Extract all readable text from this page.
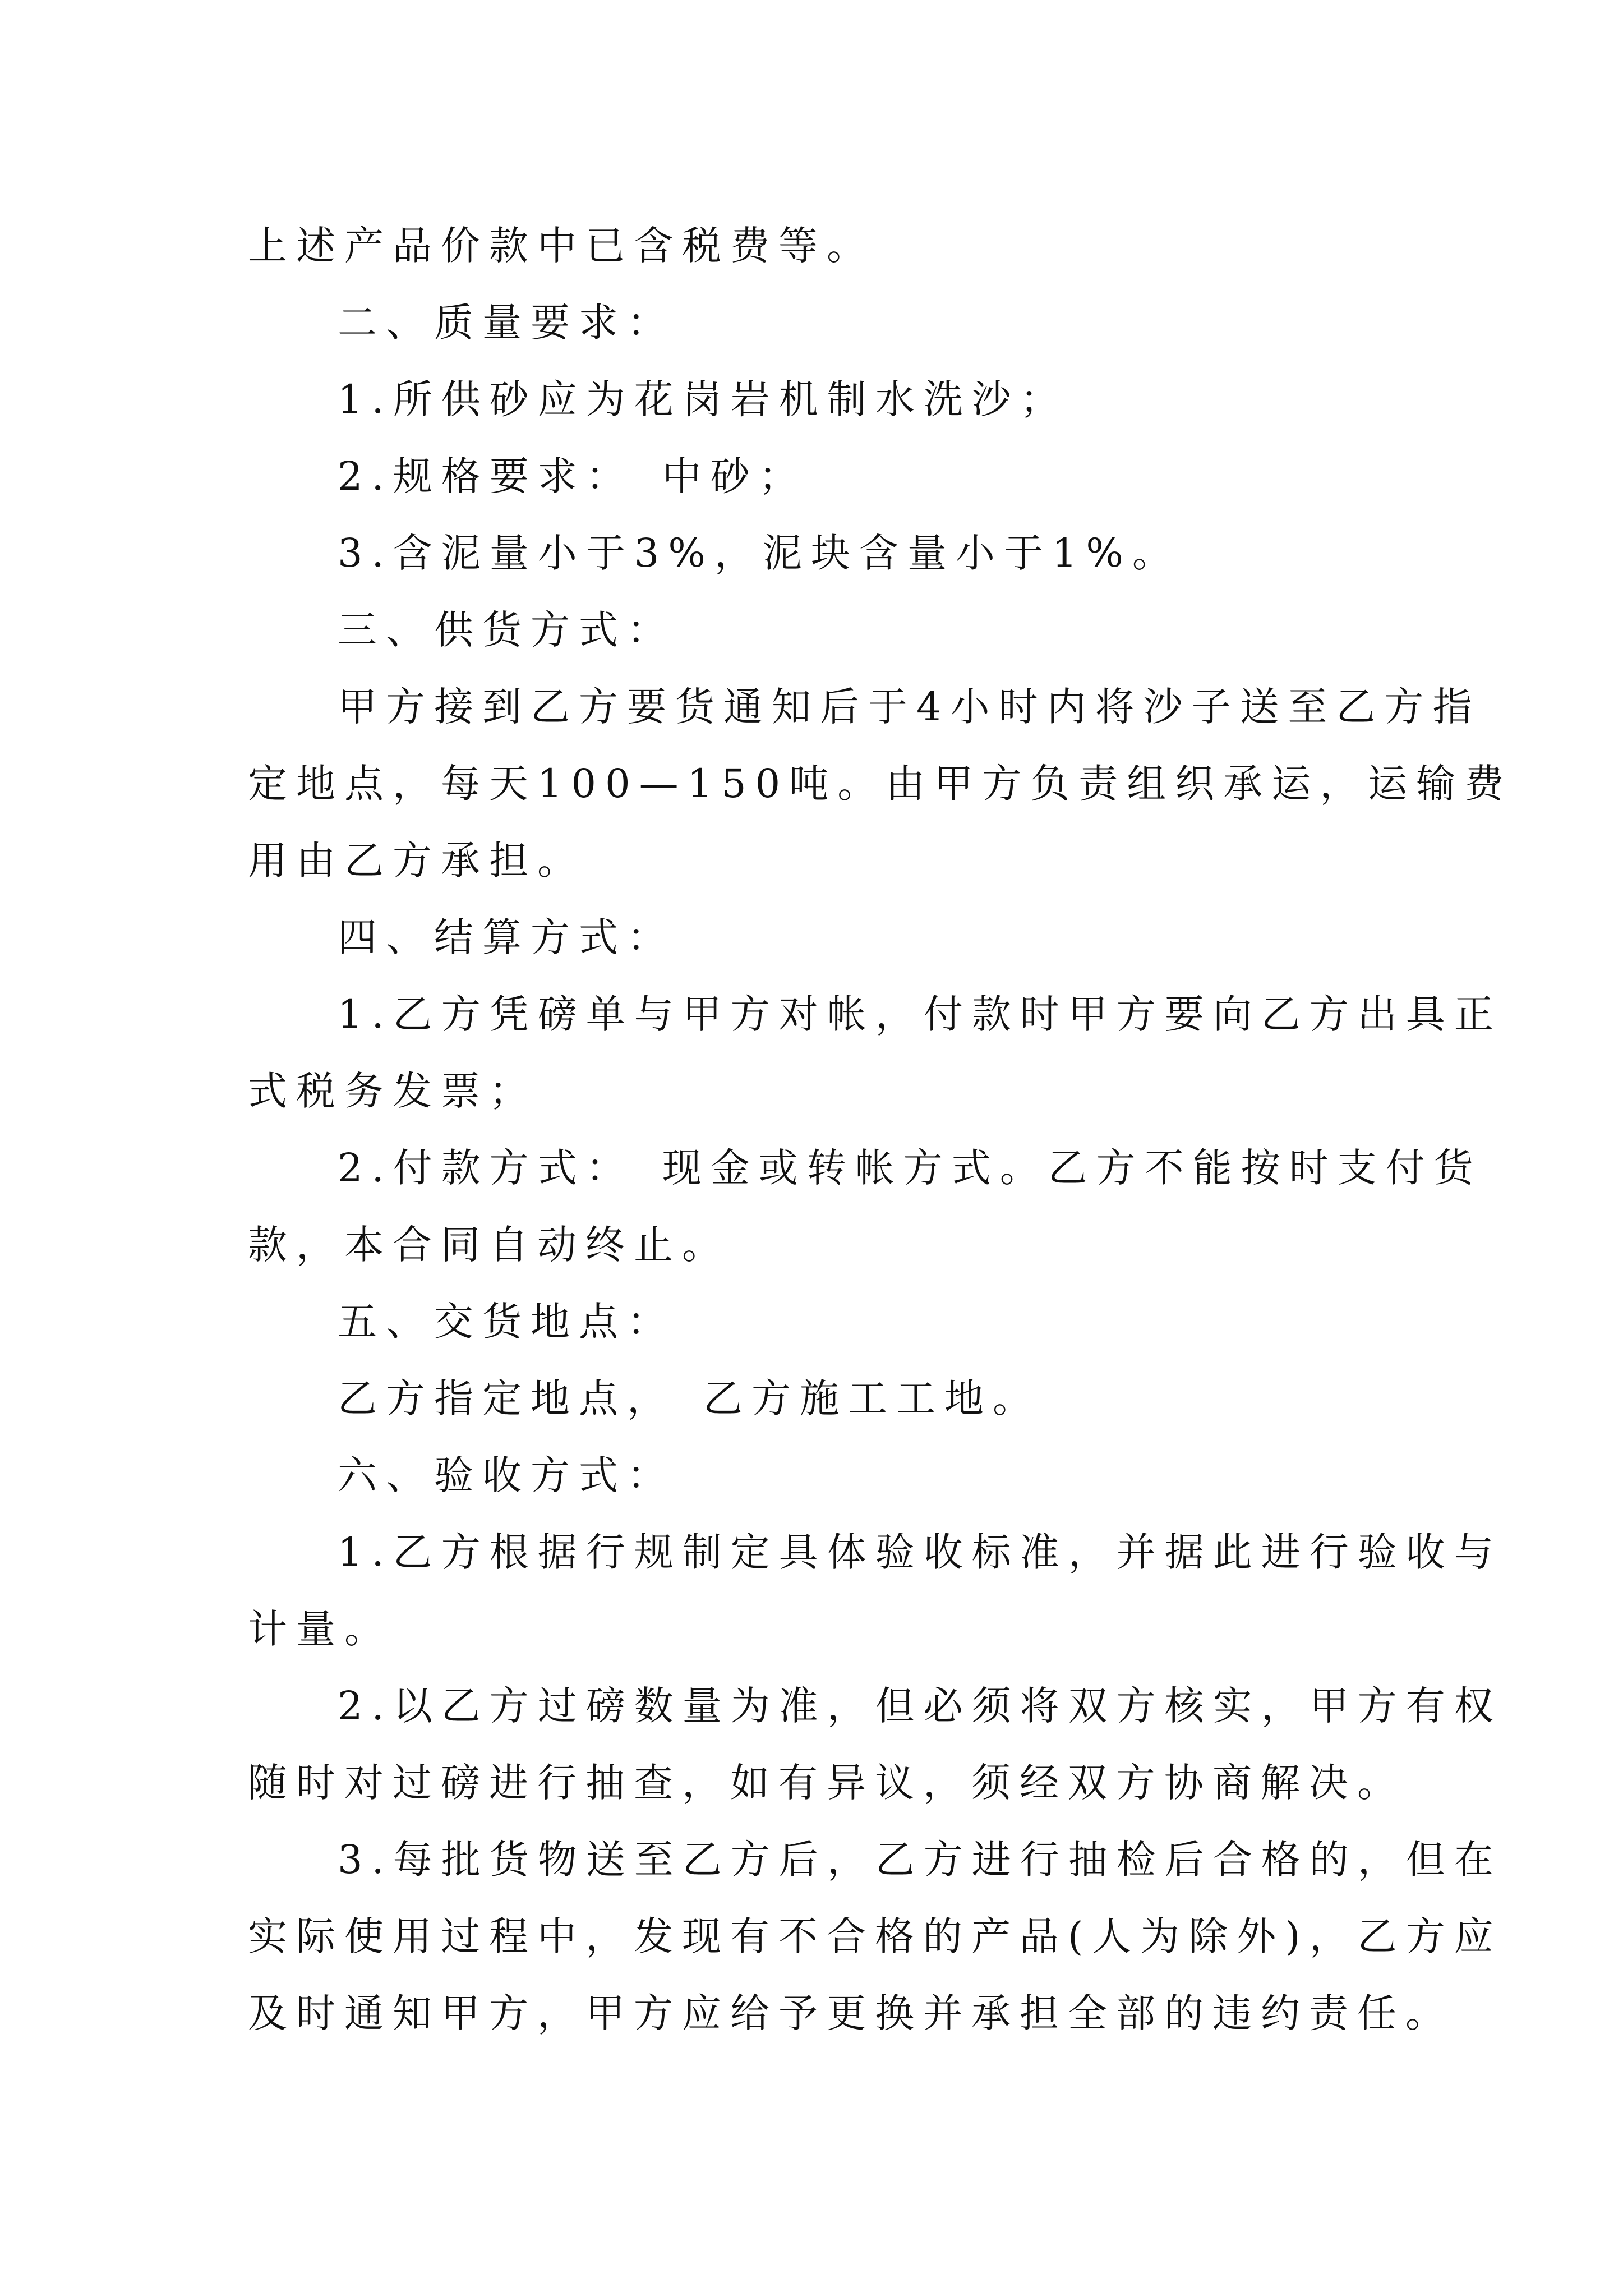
上述产品价款中已含税费等。
二、质量要求：
1.所供砂应为花岗岩机制水洗沙；
2.规格要求： 中砂；
3.含泥量小于3%，泥块含量小于1%。
三、供货方式：
甲方接到乙方要货通知后于4小时内将沙子送至乙方指
定地点，每天100—150吨。由甲方负责组织承运，运输费
用由乙方承担。
四、结算方式：
1.乙方凭磅单与甲方对帐，付款时甲方要向乙方出具正
式税务发票；
2.付款方式： 现金或转帐方式。乙方不能按时支付货
款，本合同自动终止。
五、交货地点：
乙方指定地点， 乙方施工工地。
六、验收方式：
1.乙方根据行规制定具体验收标准，并据此进行验收与
计量。
2.以乙方过磅数量为准，但必须将双方核实，甲方有权
随时对过磅进行抽查，如有异议，须经双方协商解决。
3.每批货物送至乙方后，乙方进行抽检后合格的，但在
实际使用过程中，发现有不合格的产品(人为除外)，乙方应
及时通知甲方，甲方应给予更换并承担全部的违约责任。
